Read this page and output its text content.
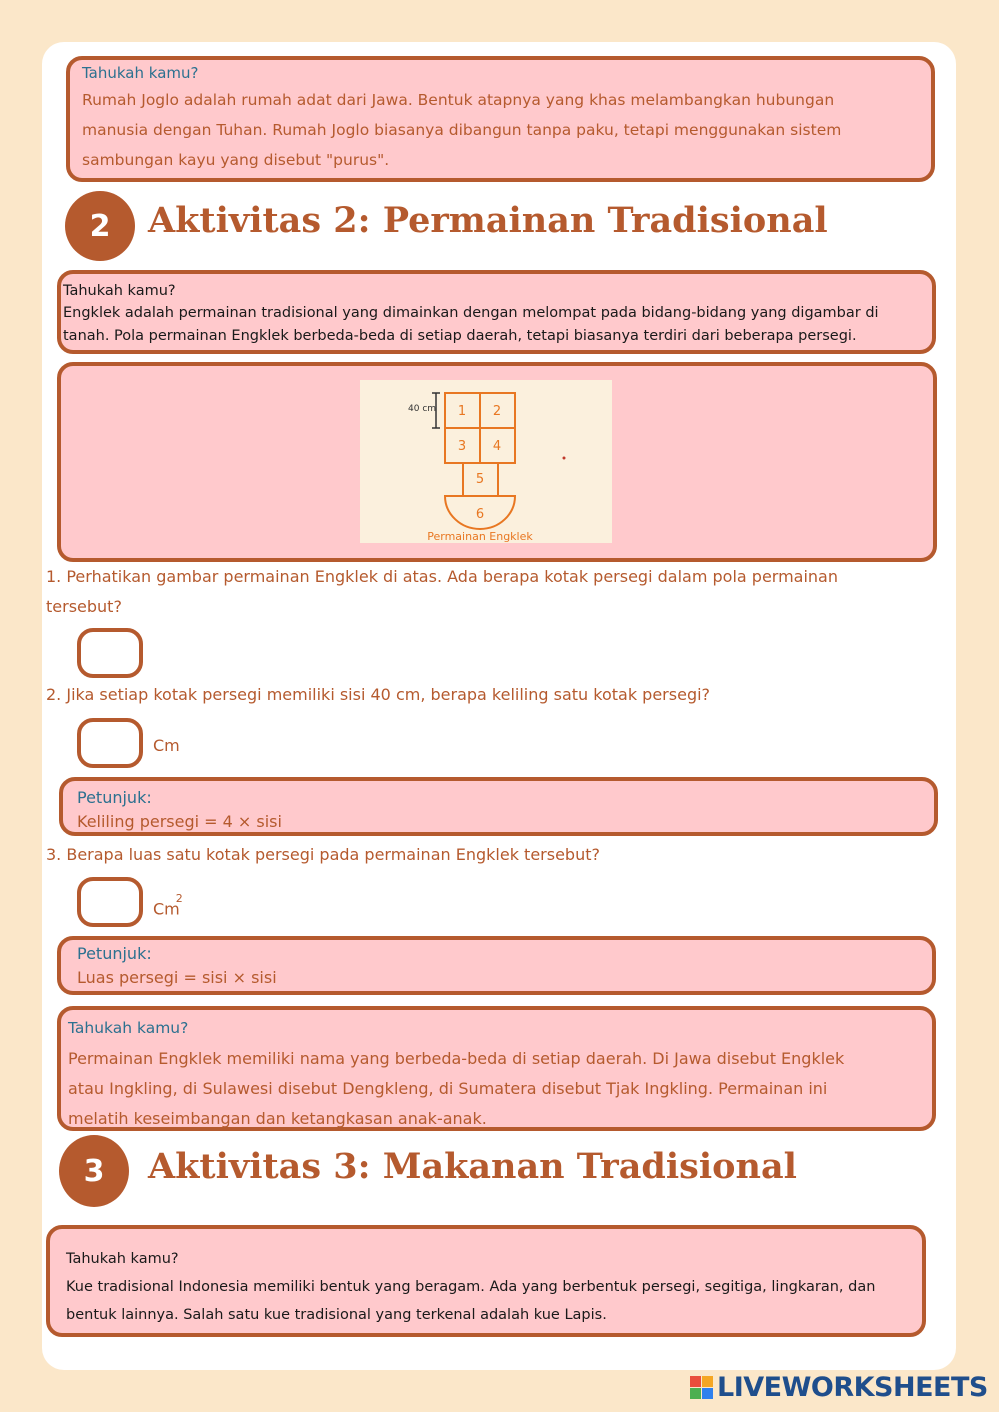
Tahukah kamu?
Rumah Joglo adalah rumah adat dari Jawa. Bentuk atapnya yang khas melambangkan hubungan
manusia dengan Tuhan. Rumah Joglo biasanya dibangun tanpa paku, tetapi menggunakan sistem
sambungan kayu yang disebut "purus".
2	Aktivitas 2: Permainan Tradisional
Tahukah kamu?
Engklek adalah permainan tradisional yang dimainkan dengan melompat pada bidang-bidang yang digambar di
tanah. Pola permainan Engklek berbeda-beda di setiap daerah, tetapi biasanya terdiri dari beberapa persegi.
40 cm 1 2
3 4
5
6
Permainan Engklek
1. Perhatikan gambar permainan Engklek di atas. Ada berapa kotak persegi dalam pola permainan
tersebut?
2. Jika setiap kotak persegi memiliki sisi 40 cm, berapa keliling satu kotak persegi?
Cm
Petunjuk:
Keliling persegi = 4 × sisi
3. Berapa luas satu kotak persegi pada permainan Engklek tersebut?
Cm$^2$
Petunjuk:
Luas persegi = sisi × sisi
Tahukah kamu?
Permainan Engklek memiliki nama yang berbeda-beda di setiap daerah. Di Jawa disebut Engklek
atau Ingkling, di Sulawesi disebut Dengkleng, di Sumatera disebut Tjak Ingkling. Permainan ini
melatih keseimbangan dan ketangkasan anak-anak.
3	Aktivitas 3: Makanan Tradisional
Tahukah kamu?
Kue tradisional Indonesia memiliki bentuk yang beragam. Ada yang berbentuk persegi, segitiga, lingkaran, dan
bentuk lainnya. Salah satu kue tradisional yang terkenal adalah kue Lapis.
LIVEWORKSHEETS
